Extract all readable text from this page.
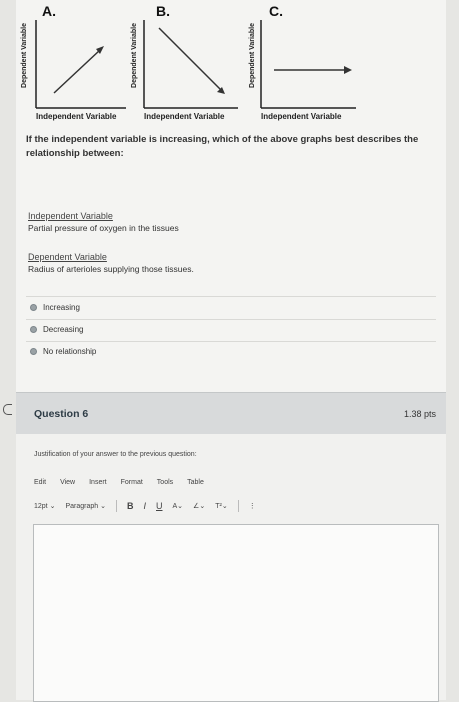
A.	B.	C.
Dependent Variable	Dependent Variable	Dependent Variable
Independent Variable	Independent Variable	Independent Variable
If the independent variable is increasing, which of the above graphs best describes the relationship between:
Independent Variable
Partial pressure of oxygen in the tissues
Dependent Variable
Radius of arterioles supplying those tissues.
Increasing
Decreasing
No relationship
Question 6	1.38 pts
Justification of your answer to the previous question:
Edit View Insert Format Tools Table
12pt ⌄ Paragraph ⌄ B I U A⌄ ∠⌄ T²⌄	⋮
